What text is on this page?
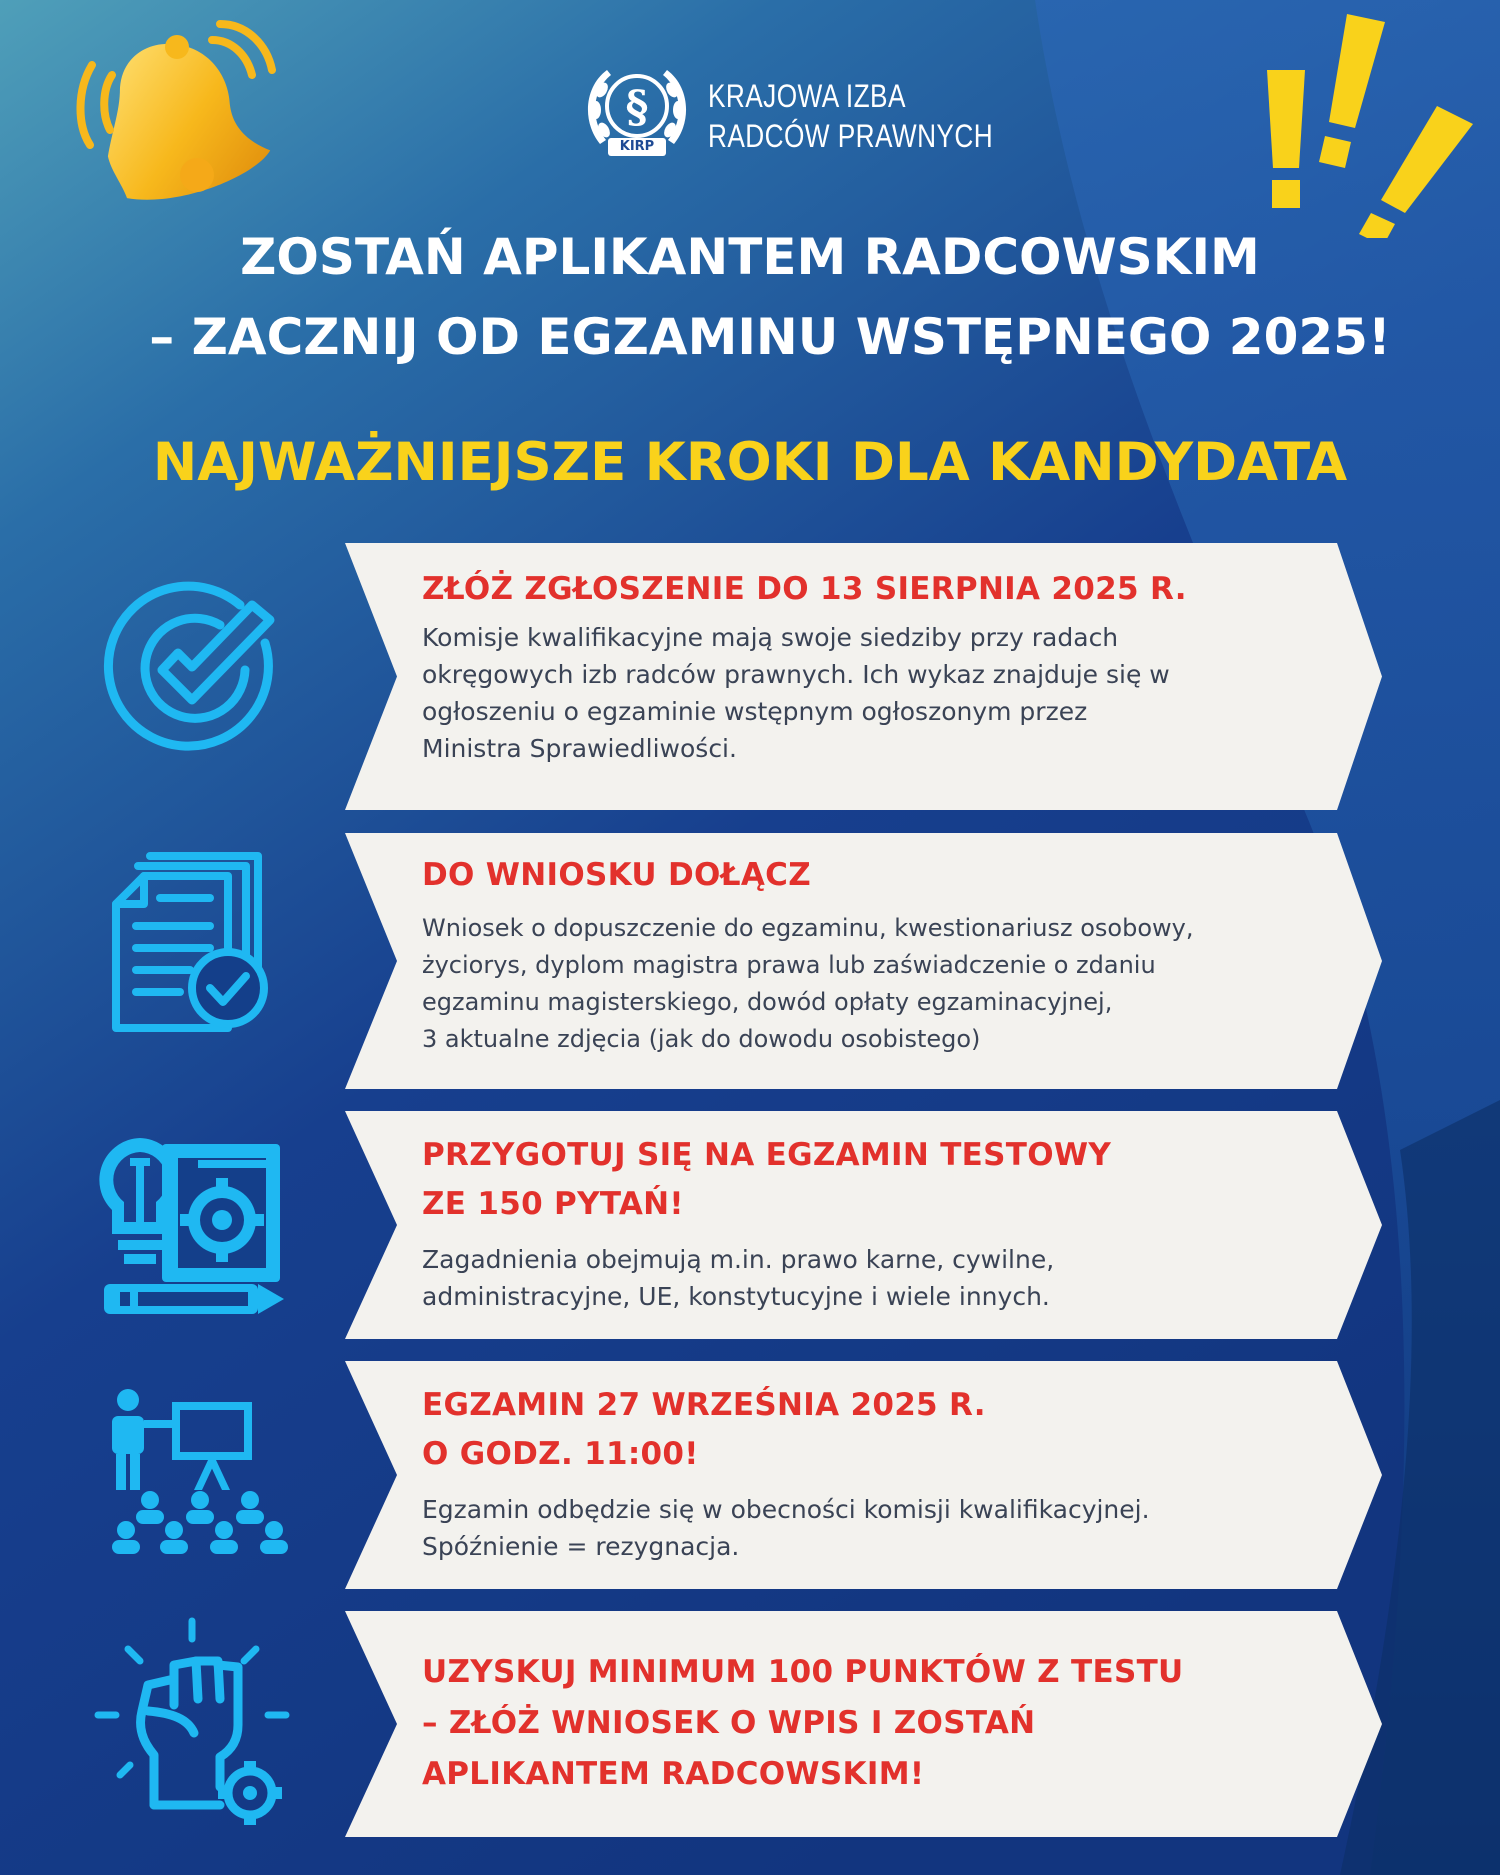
§
KIRP
KRAJOWA IZBA
RADCÓW PRAWNYCH
ZOSTAŃ APLIKANTEM RADCOWSKIM
– ZACZNIJ OD EGZAMINU WSTĘPNEGO 2025!
NAJWAŻNIEJSZE KROKI DLA KANDYDATA
ZŁÓŻ ZGŁOSZENIE DO 13 SIERPNIA 2025 R.
Komisje kwalifikacyjne mają swoje siedziby przy radach
okręgowych izb radców prawnych. Ich wykaz znajduje się w
ogłoszeniu o egzaminie wstępnym ogłoszonym przez
Ministra Sprawiedliwości.
DO WNIOSKU DOŁĄCZ
Wniosek o dopuszczenie do egzaminu, kwestionariusz osobowy,
życiorys, dyplom magistra prawa lub zaświadczenie o zdaniu
egzaminu magisterskiego, dowód opłaty egzaminacyjnej,
3 aktualne zdjęcia (jak do dowodu osobistego)
PRZYGOTUJ SIĘ NA EGZAMIN TESTOWY
ZE 150 PYTAŃ!
Zagadnienia obejmują m.in. prawo karne, cywilne,
administracyjne, UE, konstytucyjne i wiele innych.
EGZAMIN 27 WRZEŚNIA 2025 R.
O GODZ. 11:00!
Egzamin odbędzie się w obecności komisji kwalifikacyjnej.
Spóźnienie = rezygnacja.
UZYSKUJ MINIMUM 100 PUNKTÓW Z TESTU
– ZŁÓŻ WNIOSEK O WPIS I ZOSTAŃ
APLIKANTEM RADCOWSKIM!
